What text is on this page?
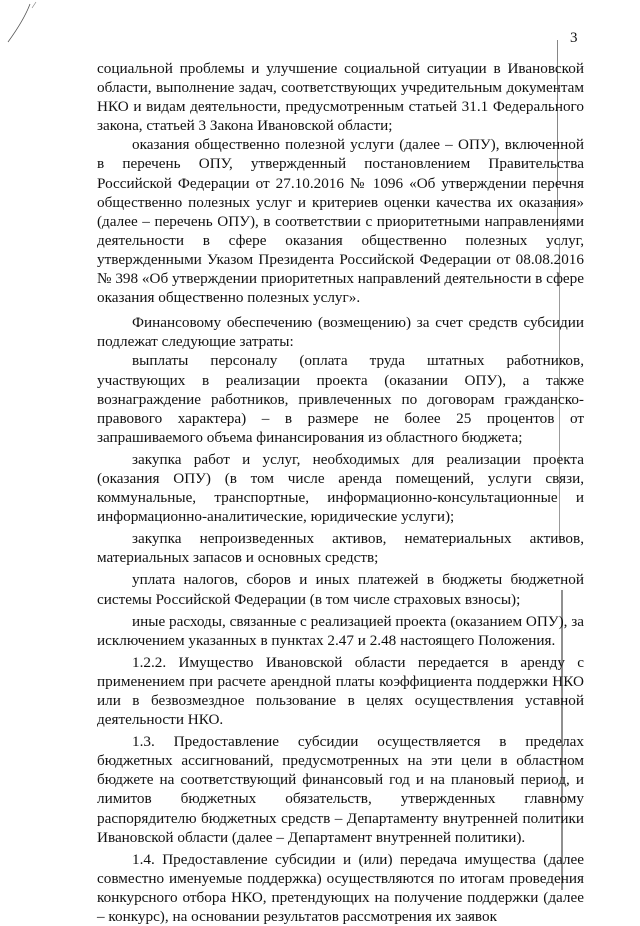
3

социальной проблемы и улучшение социальной ситуации в Ивановской области, выполнение задач, соответствующих учредительным документам НКО и видам деятельности, предусмотренным статьей 31.1 Федерального закона, статьей 3 Закона Ивановской области;

оказания общественно полезной услуги (далее – ОПУ), включенной в перечень ОПУ, утвержденный постановлением Правительства Российской Федерации от 27.10.2016 № 1096 «Об утверждении перечня общественно полезных услуг и критериев оценки качества их оказания» (далее – перечень ОПУ), в соответствии с приоритетными направлениями деятельности в сфере оказания общественно полезных услуг, утвержденными Указом Президента Российской Федерации от 08.08.2016 № 398 «Об утверждении приоритетных направлений деятельности в сфере оказания общественно полезных услуг».

Финансовому обеспечению (возмещению) за счет средств субсидии подлежат следующие затраты:

выплаты персоналу (оплата труда штатных работников, участвующих в реализации проекта (оказании ОПУ), а также вознаграждение работников, привлеченных по договорам гражданско-правового характера) – в размере не более 25 процентов от запрашиваемого объема финансирования из областного бюджета;

закупка работ и услуг, необходимых для реализации проекта (оказания ОПУ) (в том числе аренда помещений, услуги связи, коммунальные, транспортные, информационно-консультационные и информационно-аналитические, юридические услуги);

закупка непроизведенных активов, нематериальных активов, материальных запасов и основных средств;

уплата налогов, сборов и иных платежей в бюджеты бюджетной системы Российской Федерации (в том числе страховых взносы);

иные расходы, связанные с реализацией проекта (оказанием ОПУ), за исключением указанных в пунктах 2.47 и 2.48 настоящего Положения.

1.2.2. Имущество Ивановской области передается в аренду с применением при расчете арендной платы коэффициента поддержки НКО или в безвозмездное пользование в целях осуществления уставной деятельности НКО.

1.3. Предоставление субсидии осуществляется в пределах бюджетных ассигнований, предусмотренных на эти цели в областном бюджете на соответствующий финансовый год и на плановый период, и лимитов бюджетных обязательств, утвержденных главному распорядителю бюджетных средств – Департаменту внутренней политики Ивановской области (далее – Департамент внутренней политики).

1.4. Предоставление субсидии и (или) передача имущества (далее совместно именуемые поддержка) осуществляются по итогам проведения конкурсного отбора НКО, претендующих на получение поддержки (далее – конкурс), на основании результатов рассмотрения их заявок
